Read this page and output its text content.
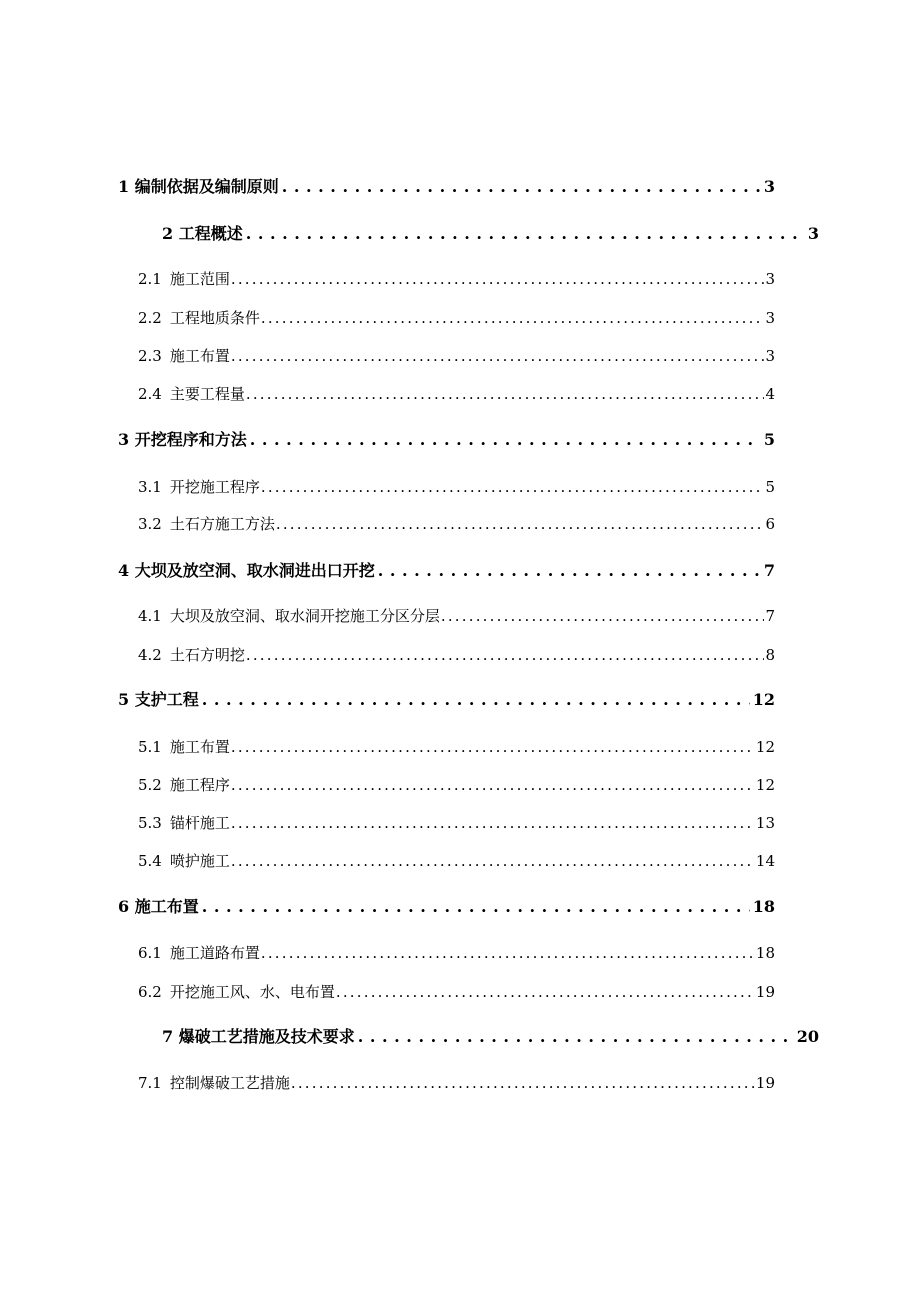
1 编制依据及编制原则 . . .	3
2 工程概述 . . .	3
2.1 施工范围 .....	3
2.2 工程地质条件 .....	3
2.3 施工布置 .....	3
2.4 主要工程量 .....	4
3 开挖程序和方法 . . .	5
3.1 开挖施工程序 .....	5
3.2 土石方施工方法 .....	6
4 大坝及放空洞、取水洞进出口开挖 . . .	7
4.1 大坝及放空洞、取水洞开挖施工分区分层 .....	7
4.2 土石方明挖 .....	8
5 支护工程 . . .	12
5.1 施工布置 .....	12
5.2 施工程序 .....	12
5.3 锚杆施工 .....	13
5.4 喷护施工 .....	14
6 施工布置 . . .	18
6.1 施工道路布置 .....	18
6.2 开挖施工风、水、电布置 .....	19
7 爆破工艺措施及技术要求 . . .	20
7.1 控制爆破工艺措施 .....	19
